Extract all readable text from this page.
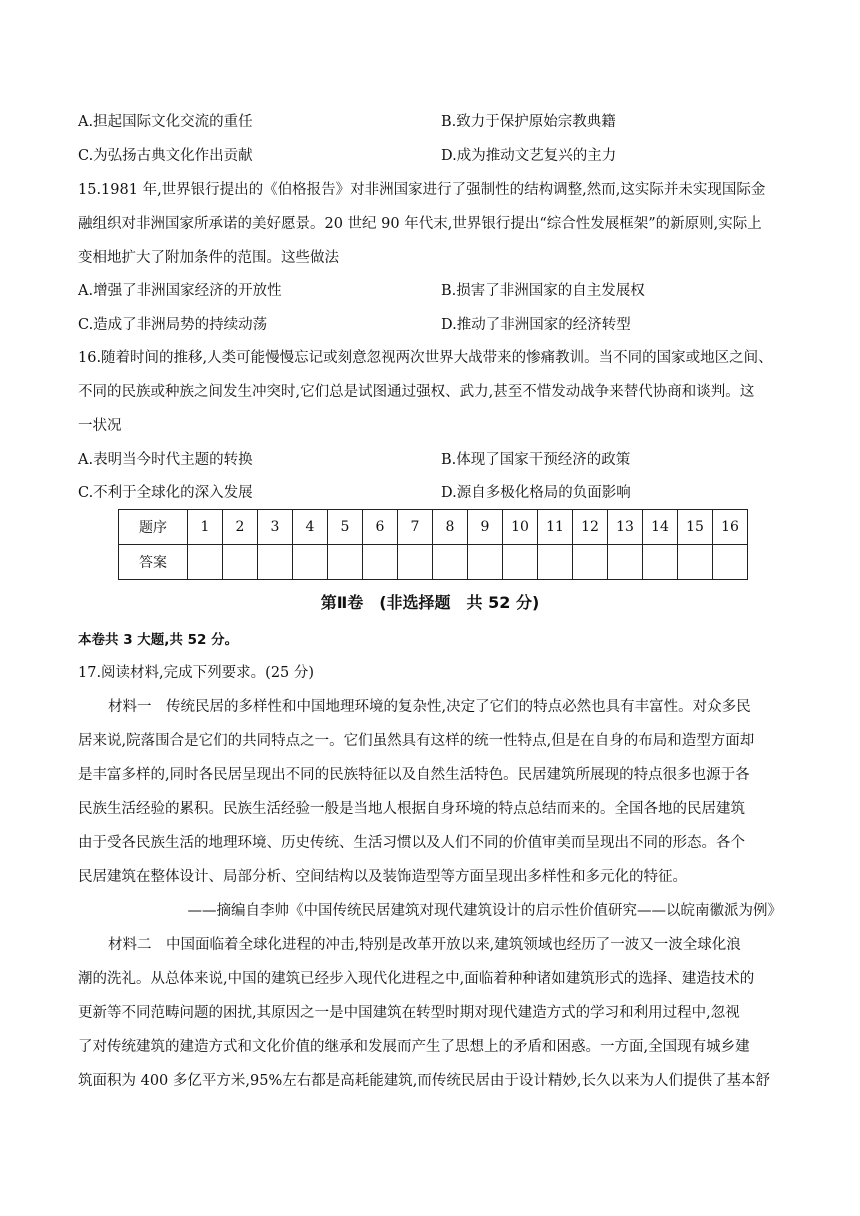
A.担起国际文化交流的重任	B.致力于保护原始宗教典籍
C.为弘扬古典文化作出贡献	D.成为推动文艺复兴的主力
15.1981 年,世界银行提出的《伯格报告》对非洲国家进行了强制性的结构调整,然而,这实际并未实现国际金
融组织对非洲国家所承诺的美好愿景。20 世纪 90 年代末,世界银行提出“综合性发展框架”的新原则,实际上
变相地扩大了附加条件的范围。这些做法
A.增强了非洲国家经济的开放性	B.损害了非洲国家的自主发展权
C.造成了非洲局势的持续动荡	D.推动了非洲国家的经济转型
16.随着时间的推移,人类可能慢慢忘记或刻意忽视两次世界大战带来的惨痛教训。当不同的国家或地区之间、
不同的民族或种族之间发生冲突时,它们总是试图通过强权、武力,甚至不惜发动战争来替代协商和谈判。这
一状况
A.表明当今时代主题的转换	B.体现了国家干预经济的政策
C.不利于全球化的深入发展	D.源自多极化格局的负面影响
题序	1	2	3	4	5	6	7	8	9	10	11	12	13	14	15	16
答案																
第Ⅱ卷　(非选择题　共 52 分)
本卷共 3 大题,共 52 分。
17.阅读材料,完成下列要求。(25 分)
材料一　传统民居的多样性和中国地理环境的复杂性,决定了它们的特点必然也具有丰富性。对众多民
居来说,院落围合是它们的共同特点之一。它们虽然具有这样的统一性特点,但是在自身的布局和造型方面却
是丰富多样的,同时各民居呈现出不同的民族特征以及自然生活特色。民居建筑所展现的特点很多也源于各
民族生活经验的累积。民族生活经验一般是当地人根据自身环境的特点总结而来的。全国各地的民居建筑
由于受各民族生活的地理环境、历史传统、生活习惯以及人们不同的价值审美而呈现出不同的形态。各个
民居建筑在整体设计、局部分析、空间结构以及装饰造型等方面呈现出多样性和多元化的特征。
——摘编自李帅《中国传统民居建筑对现代建筑设计的启示性价值研究——以皖南徽派为例》
材料二　中国面临着全球化进程的冲击,特别是改革开放以来,建筑领域也经历了一波又一波全球化浪
潮的洗礼。从总体来说,中国的建筑已经步入现代化进程之中,面临着种种诸如建筑形式的选择、建造技术的
更新等不同范畴问题的困扰,其原因之一是中国建筑在转型时期对现代建造方式的学习和利用过程中,忽视
了对传统建筑的建造方式和文化价值的继承和发展而产生了思想上的矛盾和困惑。一方面,全国现有城乡建
筑面积为 400 多亿平方米,95%左右都是高耗能建筑,而传统民居由于设计精妙,长久以来为人们提供了基本舒
